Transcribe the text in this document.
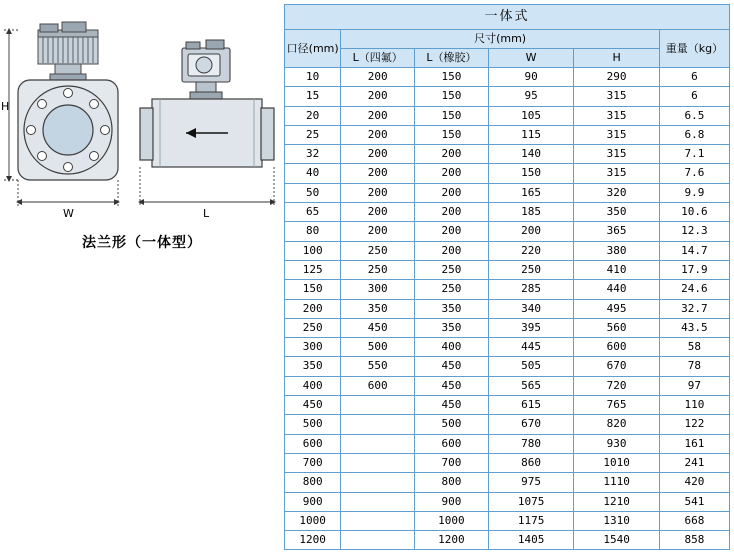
H
W	L
法兰形（一体型）
一体式					
口径(mm)	尺寸(mm)				重量（kg）
	L（四氟）	L（橡胶）	W	H	
10	200	150	90	290	6
15	200	150	95	315	6
20	200	150	105	315	6.5
25	200	150	115	315	6.8
32	200	200	140	315	7.1
40	200	200	150	315	7.6
50	200	200	165	320	9.9
65	200	200	185	350	10.6
80	200	200	200	365	12.3
100	250	200	220	380	14.7
125	250	250	250	410	17.9
150	300	250	285	440	24.6
200	350	350	340	495	32.7
250	450	350	395	560	43.5
300	500	400	445	600	58
350	550	450	505	670	78
400	600	450	565	720	97
450		450	615	765	110
500		500	670	820	122
600		600	780	930	161
700		700	860	1010	241
800		800	975	1110	420
900		900	1075	1210	541
1000		1000	1175	1310	668
1200		1200	1405	1540	858
